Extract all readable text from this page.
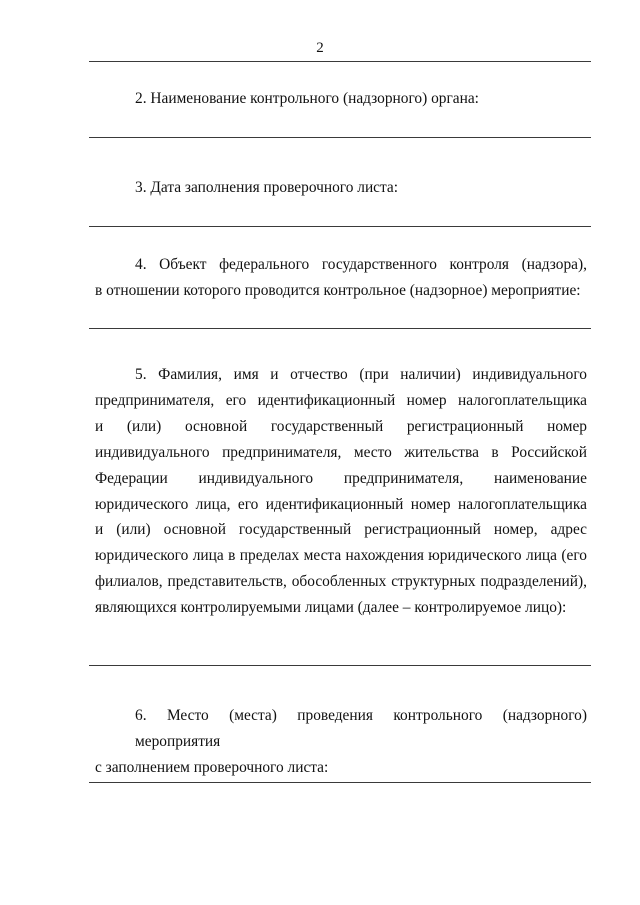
2
2. Наименование контрольного (надзорного) органа:
3. Дата заполнения проверочного листа:
4. Объект федерального государственного контроля (надзора),
в отношении которого проводится контрольное (надзорное) мероприятие:
5. Фамилия, имя и отчество (при наличии) индивидуального
предпринимателя, его идентификационный номер налогоплательщика
и (или) основной государственный регистрационный номер
индивидуального предпринимателя, место жительства в Российской
Федерации индивидуального предпринимателя, наименование
юридического лица, его идентификационный номер налогоплательщика
и (или) основной государственный регистрационный номер, адрес
юридического лица в пределах места нахождения юридического лица (его
филиалов, представительств, обособленных структурных подразделений),
являющихся контролируемыми лицами (далее – контролируемое лицо):
6. Место (места) проведения контрольного (надзорного) мероприятия
с заполнением проверочного листа:
